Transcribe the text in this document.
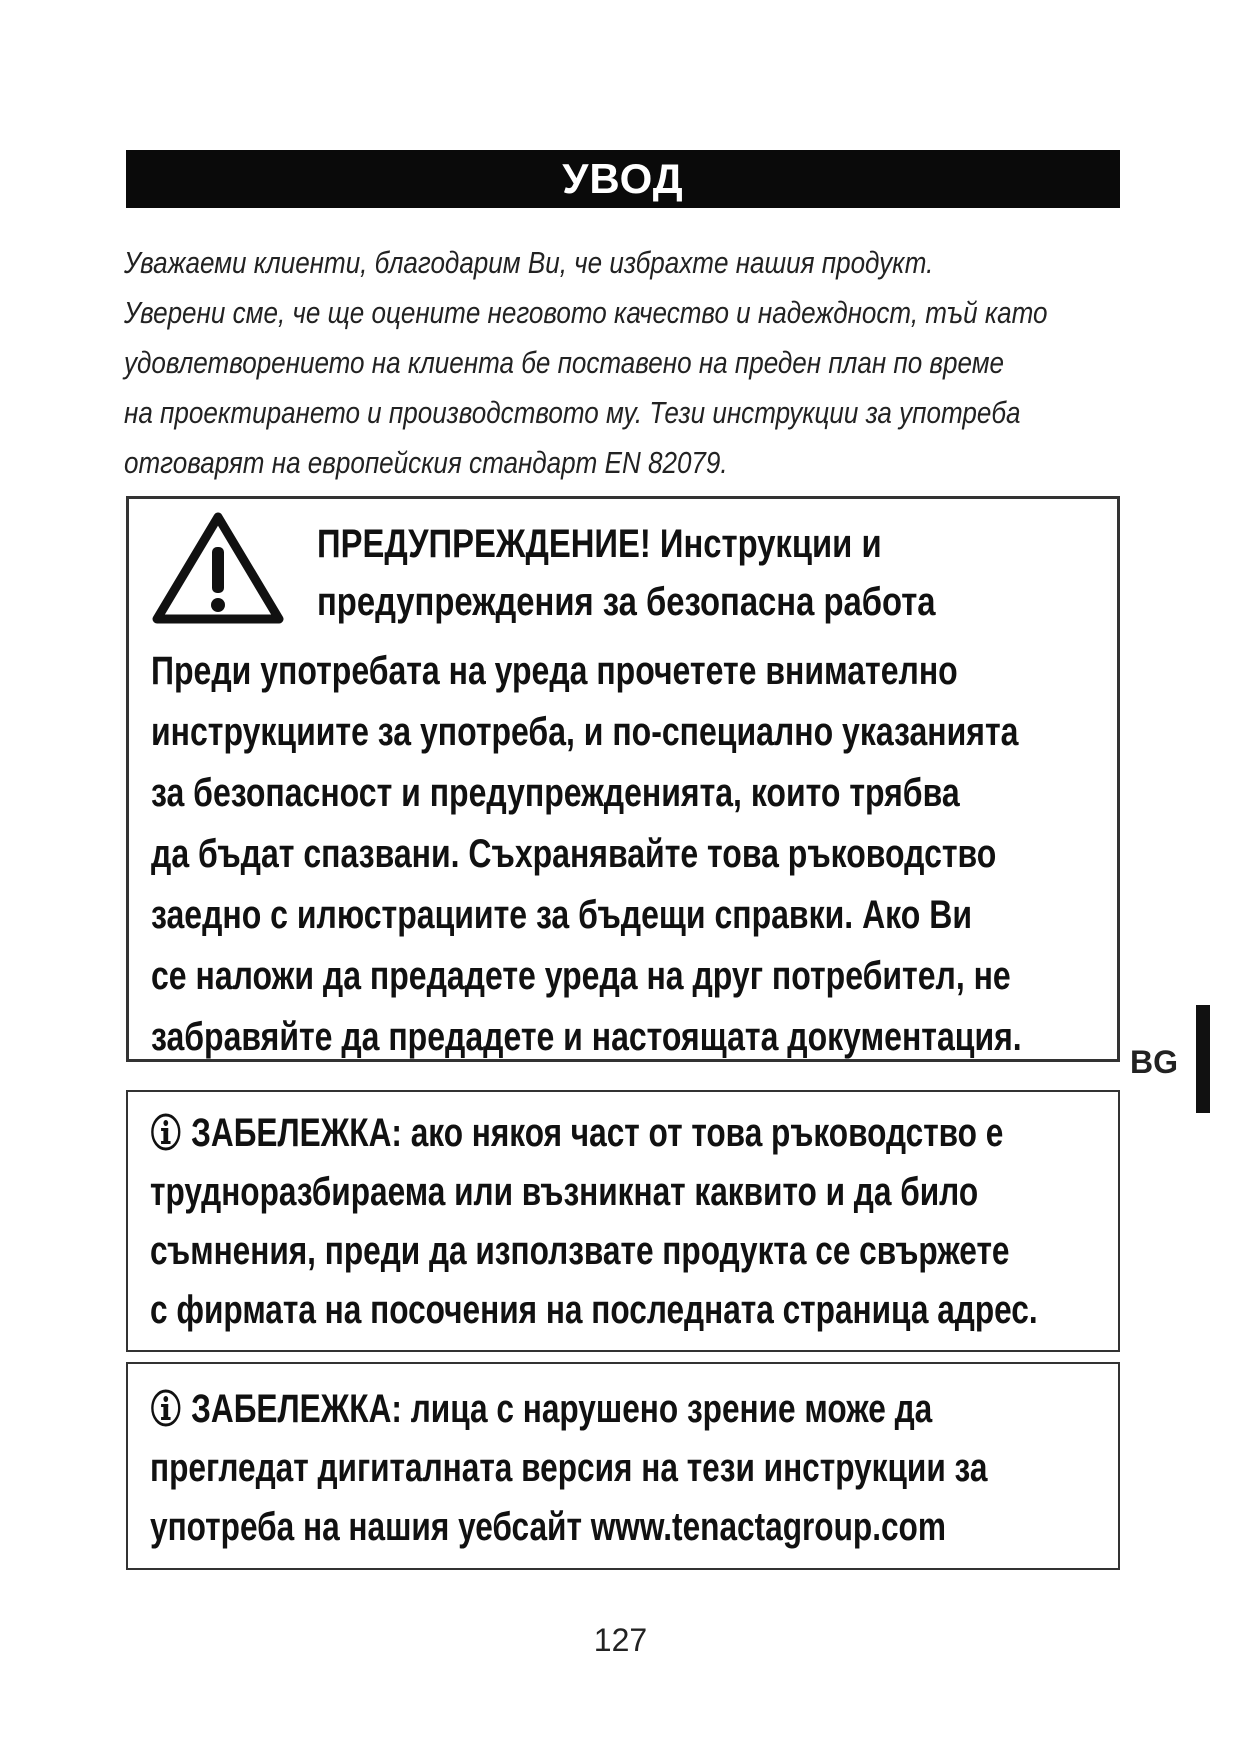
УВОД
Уважаеми клиенти, благодарим Ви, че избрахте нашия продукт.
Уверени сме, че ще оцените неговото качество и надеждност, тъй като
удовлетворението на клиента бе поставено на преден план по време
на проектирането и производството му. Тези инструкции за употреба
отговарят на европейския стандарт EN 82079.
ПРЕДУПРЕЖДЕНИЕ! Инструкции и
предупреждения за безопасна работа
Преди употребата на уреда прочетете внимателно
инструкциите за употреба, и по-специално указанията
за безопасност и предупрежденията, които трябва
да бъдат спазвани. Съхранявайте това ръководство
заедно с илюстрациите за бъдещи справки. Ако Ви
се наложи да предадете уреда на друг потребител, не
забравяйте да предадете и настоящата документация.
BG
ЗАБЕЛЕЖКА: ако някоя част от това ръководство е
трудноразбираема или възникнат каквито и да било
съмнения, преди да използвате продукта се свържете
с фирмата на посочения на последната страница адрес.
ЗАБЕЛЕЖКА: лица с нарушено зрение може да
прегледат дигиталната версия на тези инструкции за
употреба на нашия уебсайт www.tenactagroup.com
127
